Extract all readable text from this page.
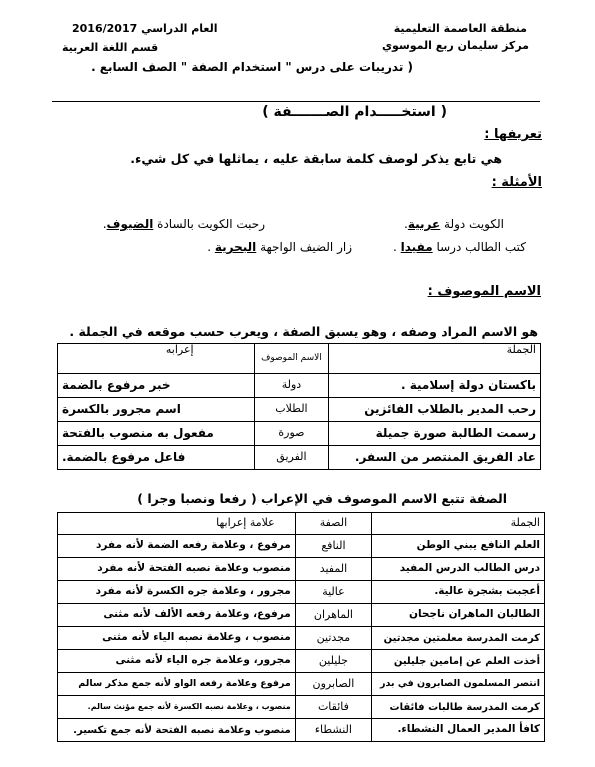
منطقة العاصمة التعليمية
مركز سليمان ربع الموسوي
العام الدراسي 2016/2017
قسم اللغة العربية
( تدريبات على درس " استخدام الصفة " الصف السابع .
( استخـــــدام الصـــــــفة )
تعريفها :
هي تابع يذكر لوصف كلمة سابقة عليه ، يماثلها في كل شيء.
الأمثلة :
الكويت دولة عربية.
رحبت الكويت بالسادة الضيوف.
كتب الطالب درسا مفيدا .
زار الضيف الواجهة البحرية .
الاسم الموصوف :
هو الاسم المراد وصفه ، وهو يسبق الصفة ، ويعرب حسب موقعه في الجملة .
الجملة	الاسم الموصوف	إعرابه
باكستان دولة إسلامية .	دولة	خبر مرفوع بالضمة
رحب المدير بالطلاب الفائزين	الطلاب	اسم مجرور بالكسرة
رسمت الطالبة صورة جميلة	صورة	مفعول به منصوب بالفتحة
عاد الفريق المنتصر من السفر.	الفريق	فاعل مرفوع بالضمة.
الصفة تتبع الاسم الموصوف في الإعراب ( رفعا ونصبا وجرا )
الجملة	الصفة	علامة إعرابها
العلم النافع يبني الوطن	النافع	مرفوع ، وعلامة رفعه الضمة لأنه مفرد
درس الطالب الدرس المفيد	المفيد	منصوب وعلامة نصبه الفتحة لأنه مفرد
أعجبت بشجرة عالية.	عالية	مجرور ، وعلامة جره الكسرة لأنه مفرد
الطالبان الماهران ناجحان	الماهران	مرفوع، وعلامة رفعه الألف لأنه مثنى
كرمت المدرسة معلمتين مجدتين	مجدتين	منصوب ، وعلامة نصبه الياء لأنه مثنى
أخذت العلم عن إمامين جليلين	جليلين	مجرور، وعلامة جره الياء لأنه مثنى
انتصر المسلمون الصابرون في بدر	الصابرون	مرفوع وعلامة رفعه الواو لأنه جمع مذكر سالم
كرمت المدرسة طالبات فائقات	فائقات	منصوب ، وعلامة نصبه الكسرة لأنه جمع مؤنث سالم.
كافأ المدير العمال النشطاء.	النشطاء	منصوب وعلامة نصبه الفتحة لأنه جمع تكسير.
